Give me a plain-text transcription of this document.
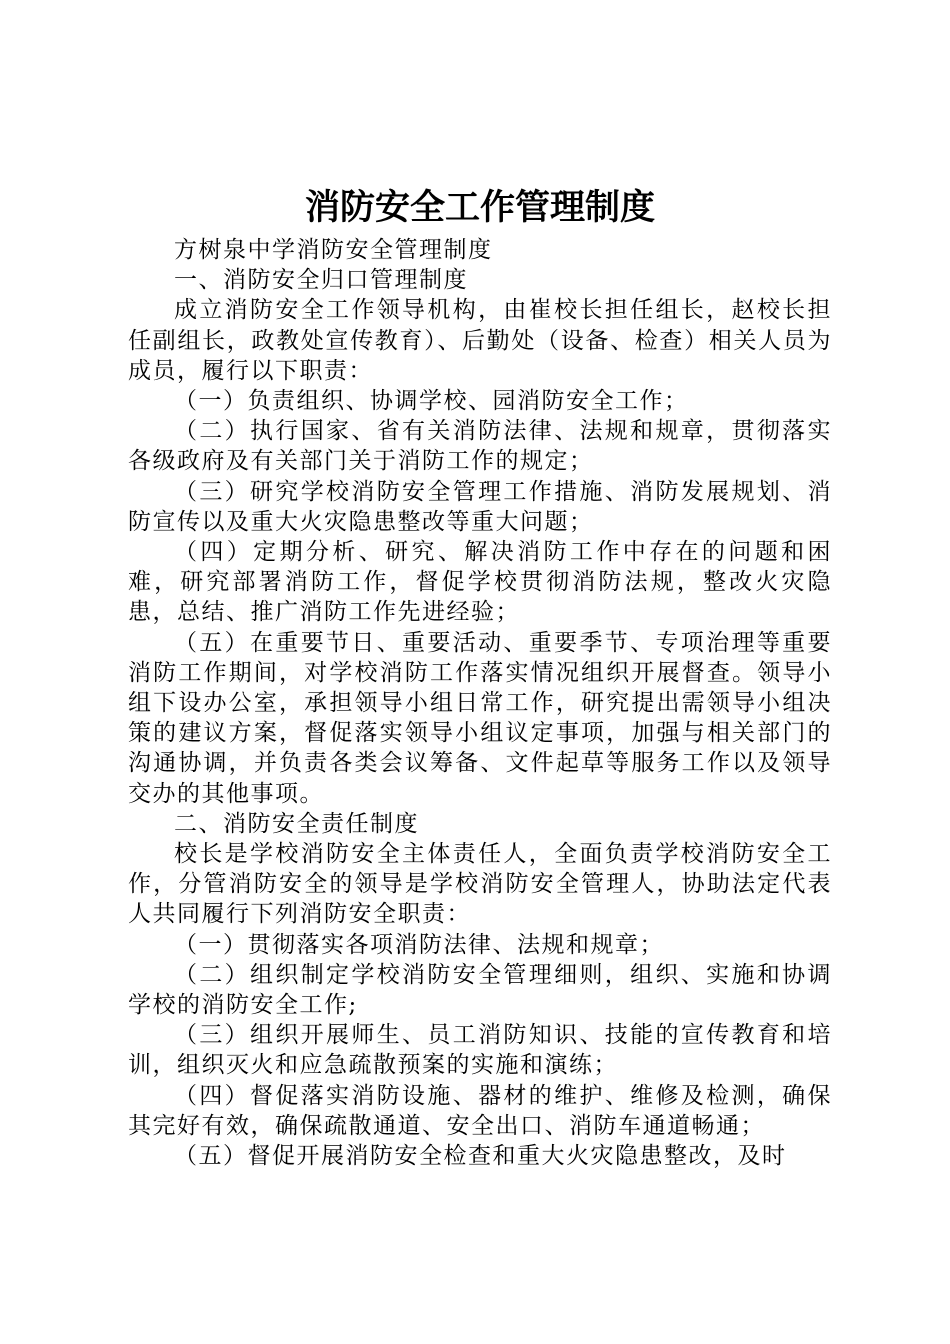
消防安全工作管理制度

方树泉中学消防安全管理制度

一、消防安全归口管理制度

成立消防安全工作领导机构，由崔校长担任组长，赵校长担任副组长，政教处宣传教育）、后勤处（设备、检查）相关人员为成员，履行以下职责：

（一）负责组织、协调学校、园消防安全工作；

（二）执行国家、省有关消防法律、法规和规章，贯彻落实各级政府及有关部门关于消防工作的规定；

（三）研究学校消防安全管理工作措施、消防发展规划、消防宣传以及重大火灾隐患整改等重大问题；

（四）定期分析、研究、解决消防工作中存在的问题和困难，研究部署消防工作，督促学校贯彻消防法规，整改火灾隐患，总结、推广消防工作先进经验；

（五）在重要节日、重要活动、重要季节、专项治理等重要消防工作期间，对学校消防工作落实情况组织开展督查。领导小组下设办公室，承担领导小组日常工作，研究提出需领导小组决策的建议方案，督促落实领导小组议定事项，加强与相关部门的沟通协调，并负责各类会议筹备、文件起草等服务工作以及领导交办的其他事项。

二、消防安全责任制度

校长是学校消防安全主体责任人，全面负责学校消防安全工作，分管消防安全的领导是学校消防安全管理人，协助法定代表人共同履行下列消防安全职责：

（一）贯彻落实各项消防法律、法规和规章；

（二）组织制定学校消防安全管理细则，组织、实施和协调学校的消防安全工作;

（三）组织开展师生、员工消防知识、技能的宣传教育和培训，组织灭火和应急疏散预案的实施和演练；

（四）督促落实消防设施、器材的维护、维修及检测，确保其完好有效，确保疏散通道、安全出口、消防车通道畅通；

（五）督促开展消防安全检查和重大火灾隐患整改，及时
